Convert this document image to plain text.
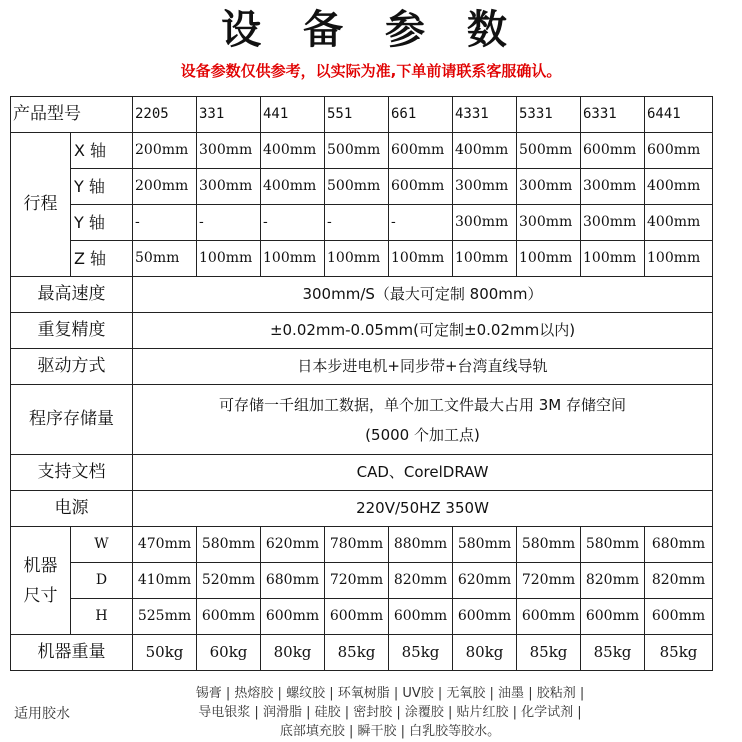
设 备 参 数
设备参数仅供参考，以实际为准,下单前请联系客服确认。
产品型号		2205	331	441	551	661	4331	5331	6331	6441
行程	X 轴	200mm	300mm	400mm	500mm	600mm	400mm	500mm	600mm	600mm
	Y 轴	200mm	300mm	400mm	500mm	600mm	300mm	300mm	300mm	400mm
	Y 轴	-	-	-	-	-	300mm	300mm	300mm	400mm
	Z 轴	50mm	100mm	100mm	100mm	100mm	100mm	100mm	100mm	100mm
最高速度		300mm/S（最大可定制 800mm）								
重复精度		±0.02mm-0.05mm(可定制±0.02mm以内)								
驱动方式		日本步进电机+同步带+台湾直线导轨								
程序存储量		可存储一千组加工数据，单个加工文件最大占用 3M 存储空间
(5000 个加工点)								

支持文档		CAD、CorelDRAW								
电源		220V/50HZ 350W								

机器
尺寸	W	470mm	580mm	620mm	780mm	880mm	580mm	580mm	580mm	680mm
	D	410mm	520mm	680mm	720mm	820mm	620mm	720mm	820mm	820mm
	H	525mm	600mm	600mm	600mm	600mm	600mm	600mm	600mm	600mm
机器重量		50kg	60kg	80kg	85kg	85kg	80kg	85kg	85kg	85kg
适用胶水
锡膏 | 热熔胶 | 螺纹胶 | 环氧树脂 | UV胶 | 无氧胶 | 油墨 | 胶粘剂 |
导电银浆 | 润滑脂 | 硅胶 | 密封胶 | 涂覆胶 | 贴片红胶 | 化学试剂 |
底部填充胶 | 瞬干胶 | 白乳胶等胶水。
